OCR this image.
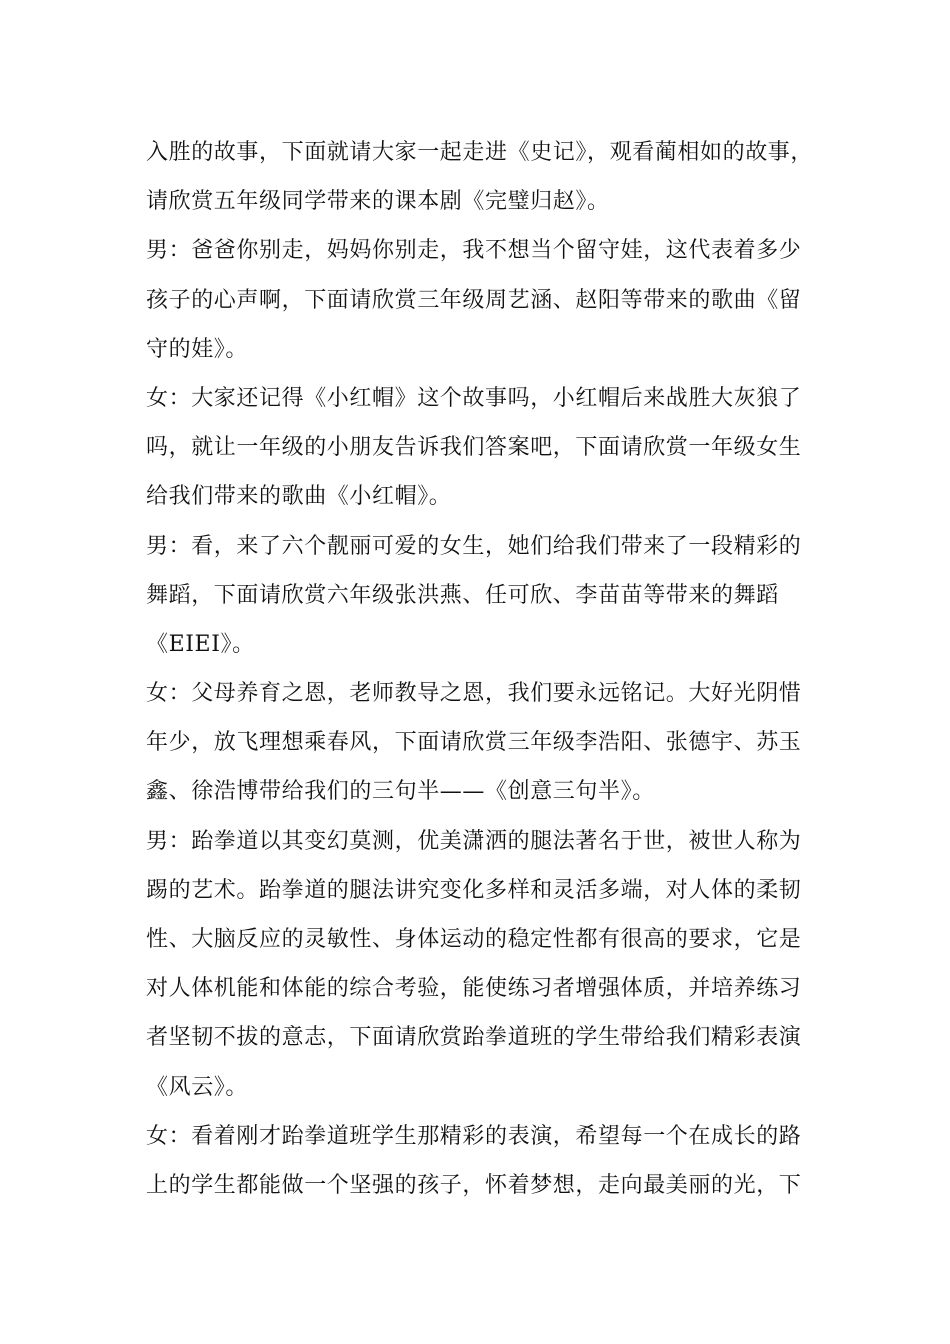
入胜的故事，下面就请大家一起走进《史记》，观看蔺相如的故事，
请欣赏五年级同学带来的课本剧《完璧归赵》。
男：爸爸你别走，妈妈你别走，我不想当个留守娃，这代表着多少
孩子的心声啊，下面请欣赏三年级周艺涵、赵阳等带来的歌曲《留
守的娃》。
女：大家还记得《小红帽》这个故事吗，小红帽后来战胜大灰狼了
吗，就让一年级的小朋友告诉我们答案吧，下面请欣赏一年级女生
给我们带来的歌曲《小红帽》。
男：看，来了六个靓丽可爱的女生，她们给我们带来了一段精彩的
舞蹈，下面请欣赏六年级张洪燕、任可欣、李苗苗等带来的舞蹈
《EIEI》。
女：父母养育之恩，老师教导之恩，我们要永远铭记。大好光阴惜
年少，放飞理想乘春风，下面请欣赏三年级李浩阳、张德宇、苏玉
鑫、徐浩博带给我们的三句半——《创意三句半》。
男：跆拳道以其变幻莫测，优美潇洒的腿法著名于世，被世人称为
踢的艺术。跆拳道的腿法讲究变化多样和灵活多端，对人体的柔韧
性、大脑反应的灵敏性、身体运动的稳定性都有很高的要求，它是
对人体机能和体能的综合考验，能使练习者增强体质，并培养练习
者坚韧不拔的意志，下面请欣赏跆拳道班的学生带给我们精彩表演
《风云》。
女：看着刚才跆拳道班学生那精彩的表演，希望每一个在成长的路
上的学生都能做一个坚强的孩子，怀着梦想，走向最美丽的光，下
